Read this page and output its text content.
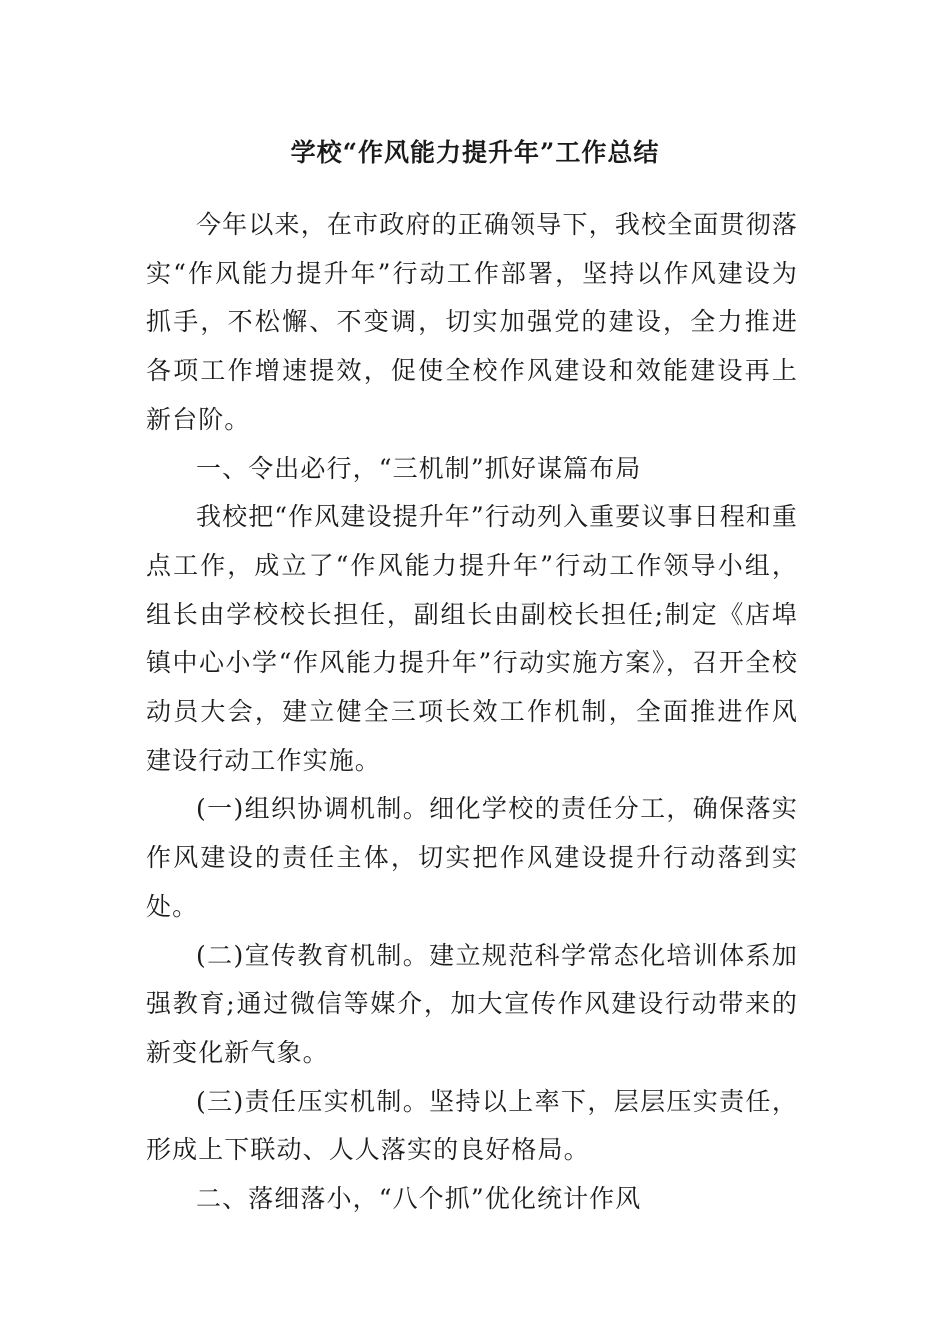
学校“作风能力提升年”工作总结

今年以来，在市政府的正确领导下，我校全面贯彻落实“作风能力提升年”行动工作部署，坚持以作风建设为抓手，不松懈、不变调，切实加强党的建设，全力推进各项工作增速提效，促使全校作风建设和效能建设再上新台阶。

一、令出必行，“三机制”抓好谋篇布局

我校把“作风建设提升年”行动列入重要议事日程和重点工作，成立了“作风能力提升年”行动工作领导小组，组长由学校校长担任，副组长由副校长担任;制定《店埠镇中心小学“作风能力提升年”行动实施方案》，召开全校动员大会，建立健全三项长效工作机制，全面推进作风建设行动工作实施。

(一)组织协调机制。细化学校的责任分工，确保落实作风建设的责任主体，切实把作风建设提升行动落到实处。

(二)宣传教育机制。建立规范科学常态化培训体系加强教育;通过微信等媒介，加大宣传作风建设行动带来的新变化新气象。

(三)责任压实机制。坚持以上率下，层层压实责任，形成上下联动、人人落实的良好格局。

二、落细落小，“八个抓”优化统计作风
